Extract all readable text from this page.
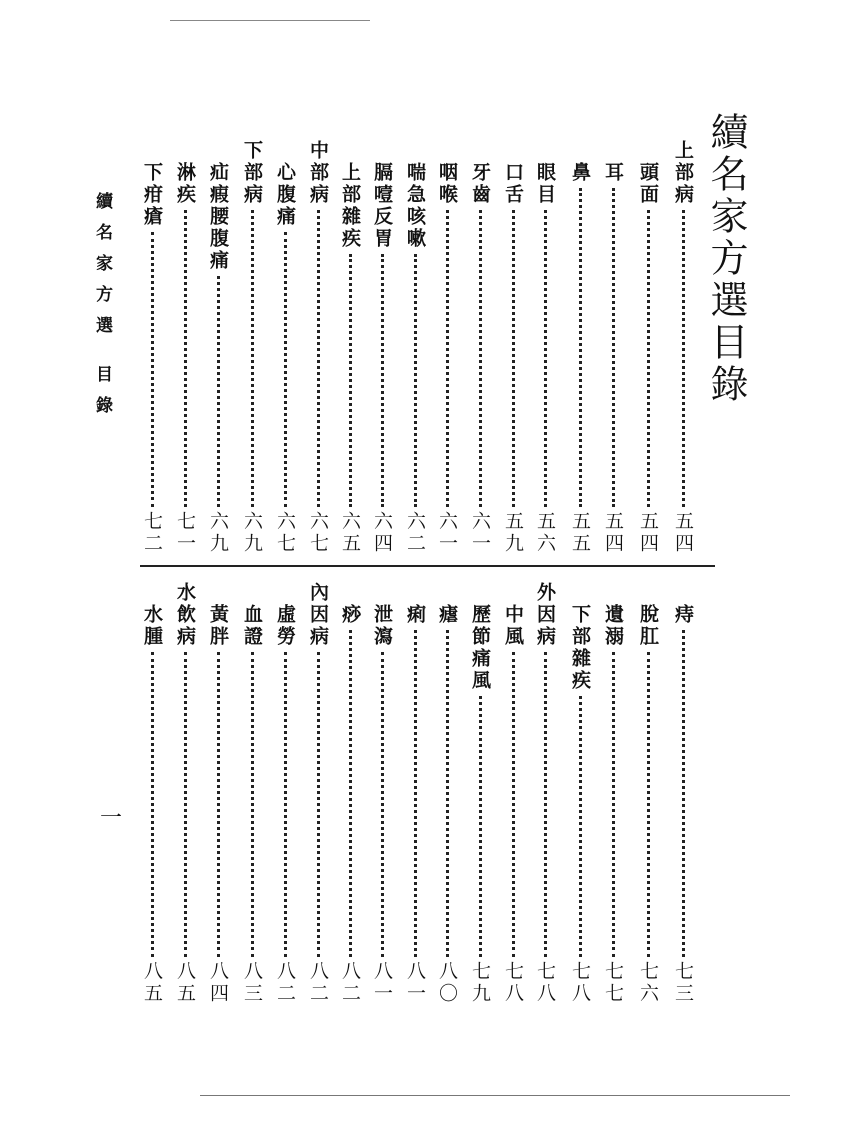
續名家方選目錄
續名家方選目錄
一
上部病
五四
頭面
五四
耳
五四
鼻
五五
眼目
五六
口舌
五九
牙齒
六一
咽喉
六一
喘急咳嗽
六二
膈噎反胃
六四
上部雜疾
六五
中部病
六七
心腹痛
六七
下部病
六九
疝瘕腰腹痛
六九
淋疾
七一
下疳瘡
七二
痔
七三
脫肛
七六
遺溺
七七
下部雜疾
七八
外因病
七八
中風
七八
歷節痛風
七九
瘧
八〇
痢
八一
泄瀉
八一
痧
八二
內因病
八二
虛勞
八二
血證
八三
黃胖
八四
水飲病
八五
水腫
八五
